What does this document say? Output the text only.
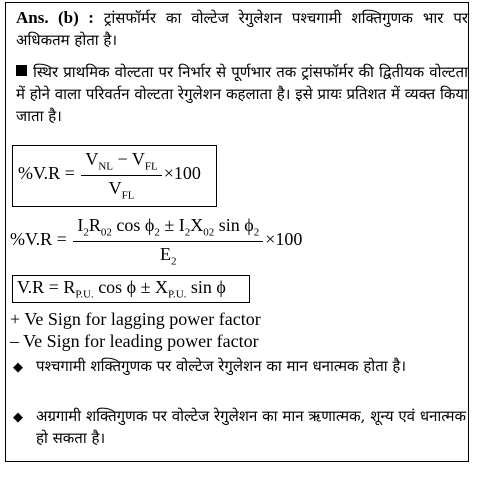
Ans. (b) : ट्रांसफॉर्मर का वोल्टेज रेगुलेशन पश्चगामी शक्तिगुणक भार पर अधिकतम होता है।
स्थिर प्राथमिक वोल्टता पर निर्भार से पूर्णभार तक ट्रांसफॉर्मर की द्वितीयक वोल्टता में होने वाला परिवर्तन वोल्टता रेगुलेशन कहलाता है। इसे प्रायः प्रतिशत में व्यक्त किया जाता है।
$\%V.R = \frac{V_{NL} - V_{FL}}{V_{FL}} \times 100$
$\%V.R = \frac{I_2R_{02} \cos \phi_2 \pm I_2X_{02} \sin \phi_2}{E_2} \times 100$
$V.R = R_{P.U.}$ $\cos \phi \pm X_{P.U.}$ sin ϕ
+ Ve Sign for lagging power factor
– Ve Sign for leading power factor
◆ पश्चगामी शक्तिगुणक पर वोल्टेज रेगुलेशन का मान धनात्मक होता है।
◆ अग्रगामी शक्तिगुणक पर वोल्टेज रेगुलेशन का मान ऋणात्मक, शून्य एवं धनात्मक हो सकता है।
